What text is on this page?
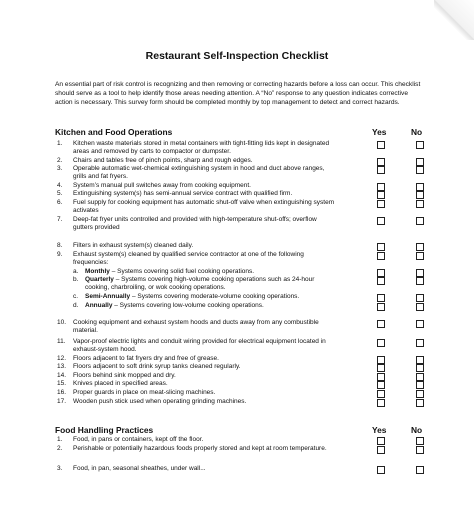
Restaurant Self-Inspection Checklist
An essential part of risk control is recognizing and then removing or correcting hazards before a loss can occur. This checklist should serve as a tool to help identify those areas needing attention. A “No” response to any question indicates corrective action is necessary. This survey form should be completed monthly by top management to detect and correct hazards.
Kitchen and Food Operations	Yes	No
1.	Kitchen waste materials stored in metal containers with tight-fitting lids kept in designated areas and removed by carts to compactor or dumpster.
2.	Chairs and tables free of pinch points, sharp and rough edges.
3.	Operable automatic wet-chemical extinguishing system in hood and duct above ranges, grills and fat fryers.
4.	System’s manual pull switches away from cooking equipment.
5.	Extinguishing system(s) has semi-annual service contract with qualified firm.
6.	Fuel supply for cooking equipment has automatic shut-off valve when extinguishing system activates
7.	Deep-fat fryer units controlled and provided with high-temperature shut-offs; overflow gutters provided
8.	Filters in exhaust system(s) cleaned daily.
9.	Exhaust system(s) cleaned by qualified service contractor at one of the following frequencies:
a.	Monthly – Systems covering solid fuel cooking operations.
b.	Quarterly – Systems covering high-volume cooking operations such as 24-hour cooking, charbroiling, or wok cooking operations.
c.	Semi-Annually – Systems covering moderate-volume cooking operations.
d.	Annually – Systems covering low-volume cooking operations.
10.	Cooking equipment and exhaust system hoods and ducts away from any combustible material.
11.	Vapor-proof electric lights and conduit wiring provided for electrical equipment located in exhaust-system hood.
12.	Floors adjacent to fat fryers dry and free of grease.
13.	Floors adjacent to soft drink syrup tanks cleaned regularly.
14.	Floors behind sink mopped and dry.
15.	Knives placed in specified areas.
16.	Proper guards in place on meat-slicing machines.
17.	Wooden push stick used when operating grinding machines.
Food Handling Practices	Yes	No
1.	Food, in pans or containers, kept off the floor.
2.	Perishable or potentially hazardous foods properly stored and kept at room temperature.
3.	Food, in pan, seasonal sheathes, under wall...
